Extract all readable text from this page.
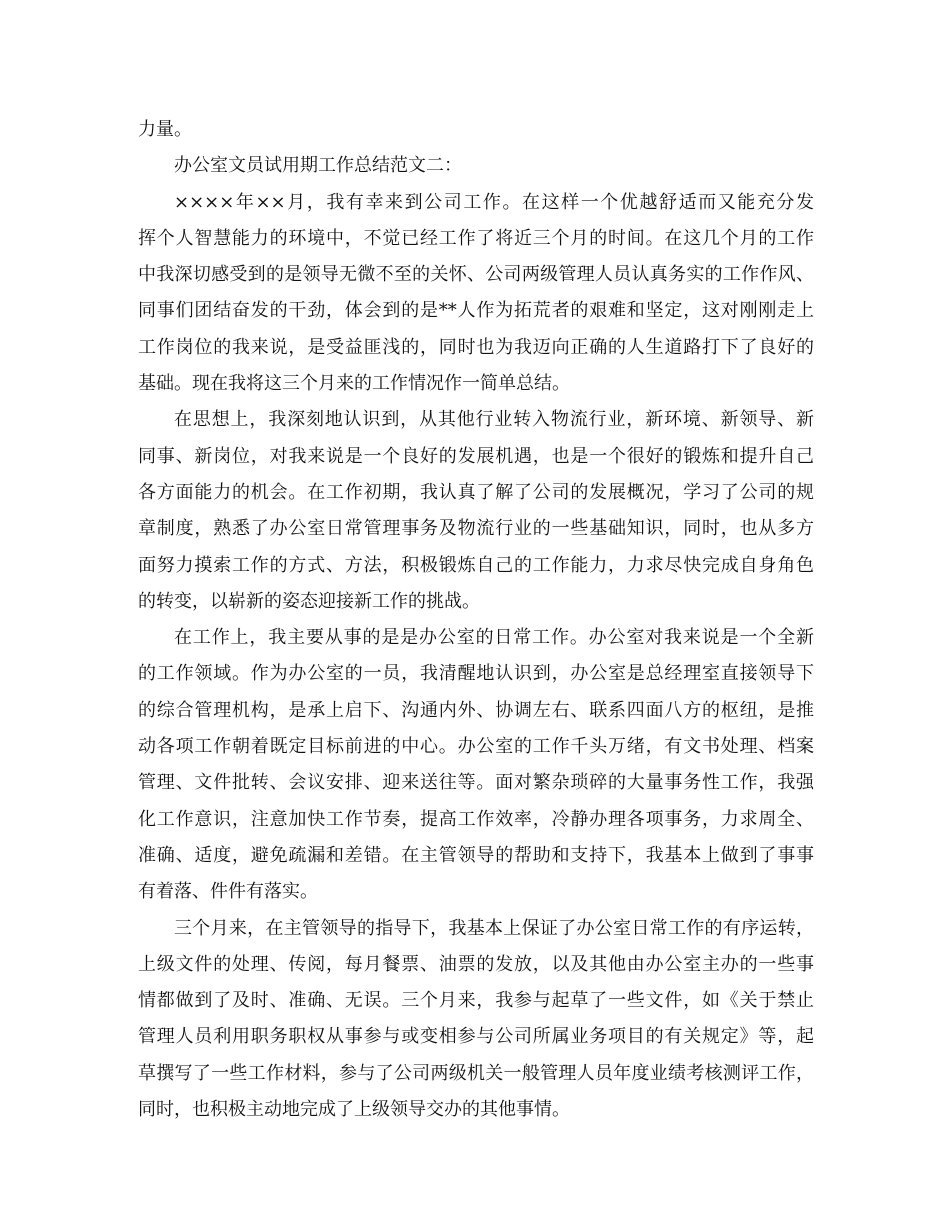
力量。
办公室文员试用期工作总结范文二：
××××年××月，我有幸来到公司工作。在这样一个优越舒适而又能充分发
挥个人智慧能力的环境中，不觉已经工作了将近三个月的时间。在这几个月的工作
中我深切感受到的是领导无微不至的关怀、公司两级管理人员认真务实的工作作风、
同事们团结奋发的干劲，体会到的是**人作为拓荒者的艰难和坚定，这对刚刚走上
工作岗位的我来说，是受益匪浅的，同时也为我迈向正确的人生道路打下了良好的
基础。现在我将这三个月来的工作情况作一简单总结。
在思想上，我深刻地认识到，从其他行业转入物流行业，新环境、新领导、新
同事、新岗位，对我来说是一个良好的发展机遇，也是一个很好的锻炼和提升自己
各方面能力的机会。在工作初期，我认真了解了公司的发展概况，学习了公司的规
章制度，熟悉了办公室日常管理事务及物流行业的一些基础知识，同时，也从多方
面努力摸索工作的方式、方法，积极锻炼自己的工作能力，力求尽快完成自身角色
的转变，以崭新的姿态迎接新工作的挑战。
在工作上，我主要从事的是是办公室的日常工作。办公室对我来说是一个全新
的工作领域。作为办公室的一员，我清醒地认识到，办公室是总经理室直接领导下
的综合管理机构，是承上启下、沟通内外、协调左右、联系四面八方的枢纽，是推
动各项工作朝着既定目标前进的中心。办公室的工作千头万绪，有文书处理、档案
管理、文件批转、会议安排、迎来送往等。面对繁杂琐碎的大量事务性工作，我强
化工作意识，注意加快工作节奏，提高工作效率，冷静办理各项事务，力求周全、
准确、适度，避免疏漏和差错。在主管领导的帮助和支持下，我基本上做到了事事
有着落、件件有落实。
三个月来，在主管领导的指导下，我基本上保证了办公室日常工作的有序运转，
上级文件的处理、传阅，每月餐票、油票的发放，以及其他由办公室主办的一些事
情都做到了及时、准确、无误。三个月来，我参与起草了一些文件，如《关于禁止
管理人员利用职务职权从事参与或变相参与公司所属业务项目的有关规定》等，起
草撰写了一些工作材料，参与了公司两级机关一般管理人员年度业绩考核测评工作，
同时，也积极主动地完成了上级领导交办的其他事情。
